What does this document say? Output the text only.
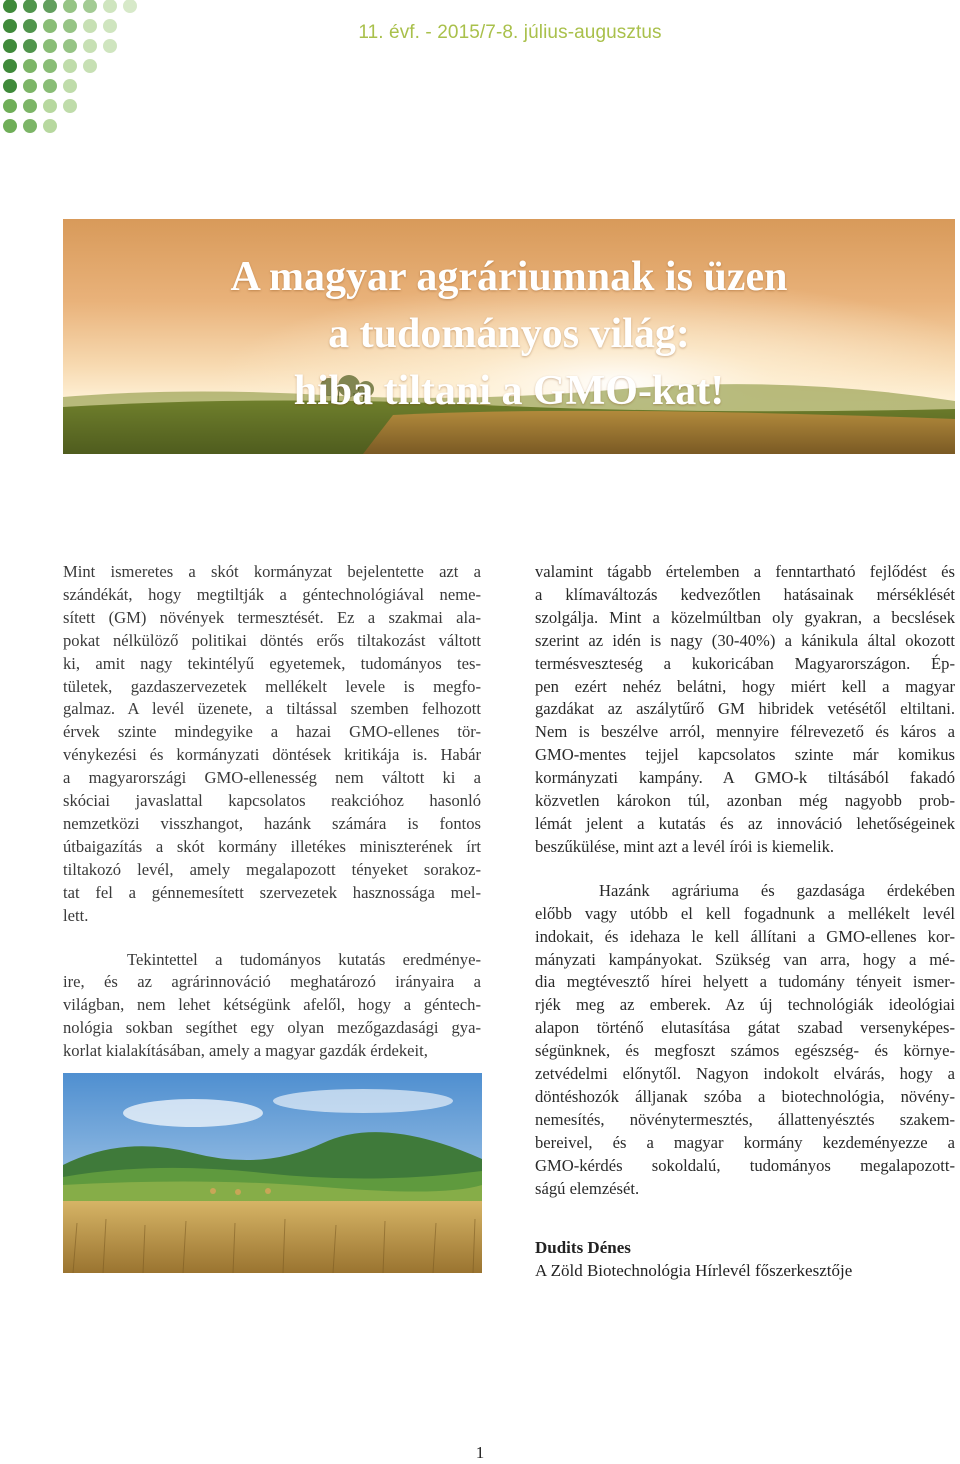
11. évf. - 2015/7-8. július-augusztus
A magyar agráriumnak is üzen
a tudományos világ:
hiba tiltani a GMO-kat!

Mint ismeretes a skót kormányzat bejelentette azt a
szándékát, hogy megtiltják a géntechnológiával neme-
sített (GM) növények termesztését. Ez a szakmai ala-
pokat nélkülöző politikai döntés erős tiltakozást váltott
ki, amit nagy tekintélyű egyetemek, tudományos tes-
tületek, gazdaszervezetek mellékelt levele is megfo-
galmaz. A levél üzenete, a tiltással szemben felhozott
érvek szinte mindegyike a hazai GMO-ellenes tör-
vénykezési és kormányzati döntések kritikája is. Habár
a magyarországi GMO-ellenesség nem váltott ki a
skóciai javaslattal kapcsolatos reakcióhoz hasonló
nemzetközi visszhangot, hazánk számára is fontos
útbaigazítás a skót kormány illetékes miniszterének írt
tiltakozó levél, amely megalapozott tényeket sorakoz-
tat fel a génnemesített szervezetek hasznossága mel-
lett.

Tekintettel a tudományos kutatás eredménye-
ire, és az agrárinnováció meghatározó irányaira a
világban, nem lehet kétségünk afelől, hogy a géntech-
nológia sokban segíthet egy olyan mezőgazdasági gya-
korlat kialakításában, amely a magyar gazdák érdekeit,

valamint tágabb értelemben a fenntartható fejlődést és
a klímaváltozás kedvezőtlen hatásainak mérséklését
szolgálja. Mint a közelmúltban oly gyakran, a becslések
szerint az idén is nagy (30-40%) a kánikula által okozott
termésveszteség a kukoricában Magyarországon. Ép-
pen ezért nehéz belátni, hogy miért kell a magyar
gazdákat az aszálytűrő GM hibridek vetésétől eltiltani.
Nem is beszélve arról, mennyire félrevezető és káros a
GMO-mentes tejjel kapcsolatos szinte már komikus
kormányzati kampány. A GMO-k tiltásából fakadó
közvetlen károkon túl, azonban még nagyobb prob-
lémát jelent a kutatás és az innováció lehetőségeinek
beszűkülése, mint azt a levél írói is kiemelik.

Hazánk agráriuma és gazdasága érdekében
előbb vagy utóbb el kell fogadnunk a mellékelt levél
indokait, és idehaza le kell állítani a GMO-ellenes kor-
mányzati kampányokat. Szükség van arra, hogy a mé-
dia megtévesztő hírei helyett a tudomány tényeit ismer-
rjék meg az emberek. Az új technológiák ideológiai
alapon történő elutasítása gátat szabad versenyképes-
ségünknek, és megfoszt számos egészség- és környe-
zetvédelmi előnytől. Nagyon indokolt elvárás, hogy a
döntéshozók álljanak szóba a biotechnológia, növény-
nemesítés, növénytermesztés, állattenyésztés szakem-
bereivel, és a magyar kormány kezdeményezze a
GMO-kérdés sokoldalú, tudományos megalapozott-
ságú elemzését.

Dudits Dénes
A Zöld Biotechnológia Hírlevél főszerkesztője
1
